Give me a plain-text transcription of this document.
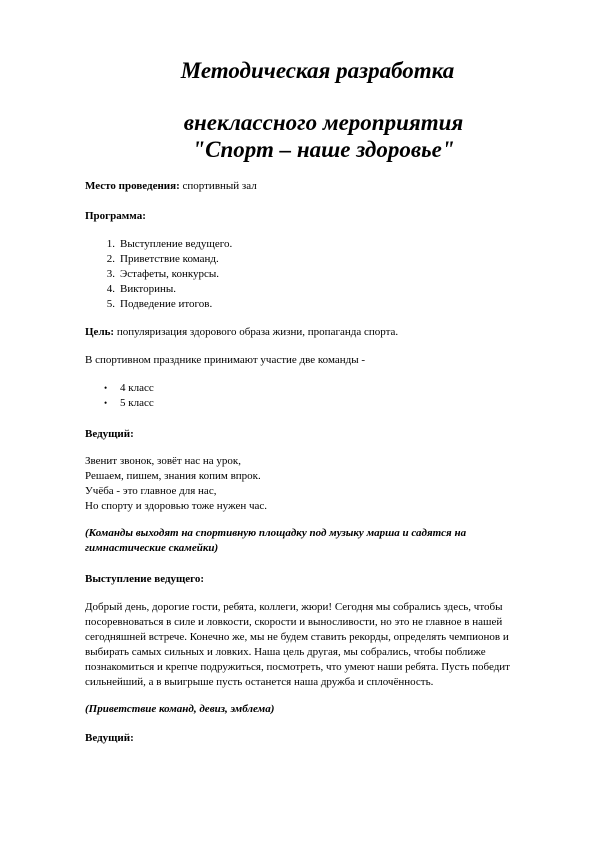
Методическая разработка
внеклассного мероприятия
"Спорт – наше здоровье"
Место проведения: спортивный зал
Программа:
1. Выступление ведущего.
2. Приветствие команд.
3. Эстафеты, конкурсы.
4. Викторины.
5. Подведение итогов.
Цель: популяризация здорового образа жизни, пропаганда спорта.
В спортивном празднике принимают участие две команды -
• 4 класс
• 5 класс
Ведущий:
Звенит звонок, зовёт нас на урок,
Решаем, пишем, знания копим впрок.
Учёба - это главное для нас,
Но спорту и здоровью тоже нужен час.
(Команды выходят на спортивную площадку под музыку марша и садятся на
гимнастические скамейки)
Выступление ведущего:
Добрый день, дорогие гости, ребята, коллеги, жюри! Сегодня мы собрались здесь, чтобы
посоревноваться в силе и ловкости, скорости и выносливости, но это не главное в нашей
сегодняшней встрече. Конечно же, мы не будем ставить рекорды, определять чемпионов и
выбирать самых сильных и ловких. Наша цель другая, мы собрались, чтобы поближе
познакомиться и крепче подружиться, посмотреть, что умеют наши ребята. Пусть победит
сильнейший, а в выигрыше пусть останется наша дружба и сплочённость.
(Приветствие команд, девиз, эмблема)
Ведущий:
